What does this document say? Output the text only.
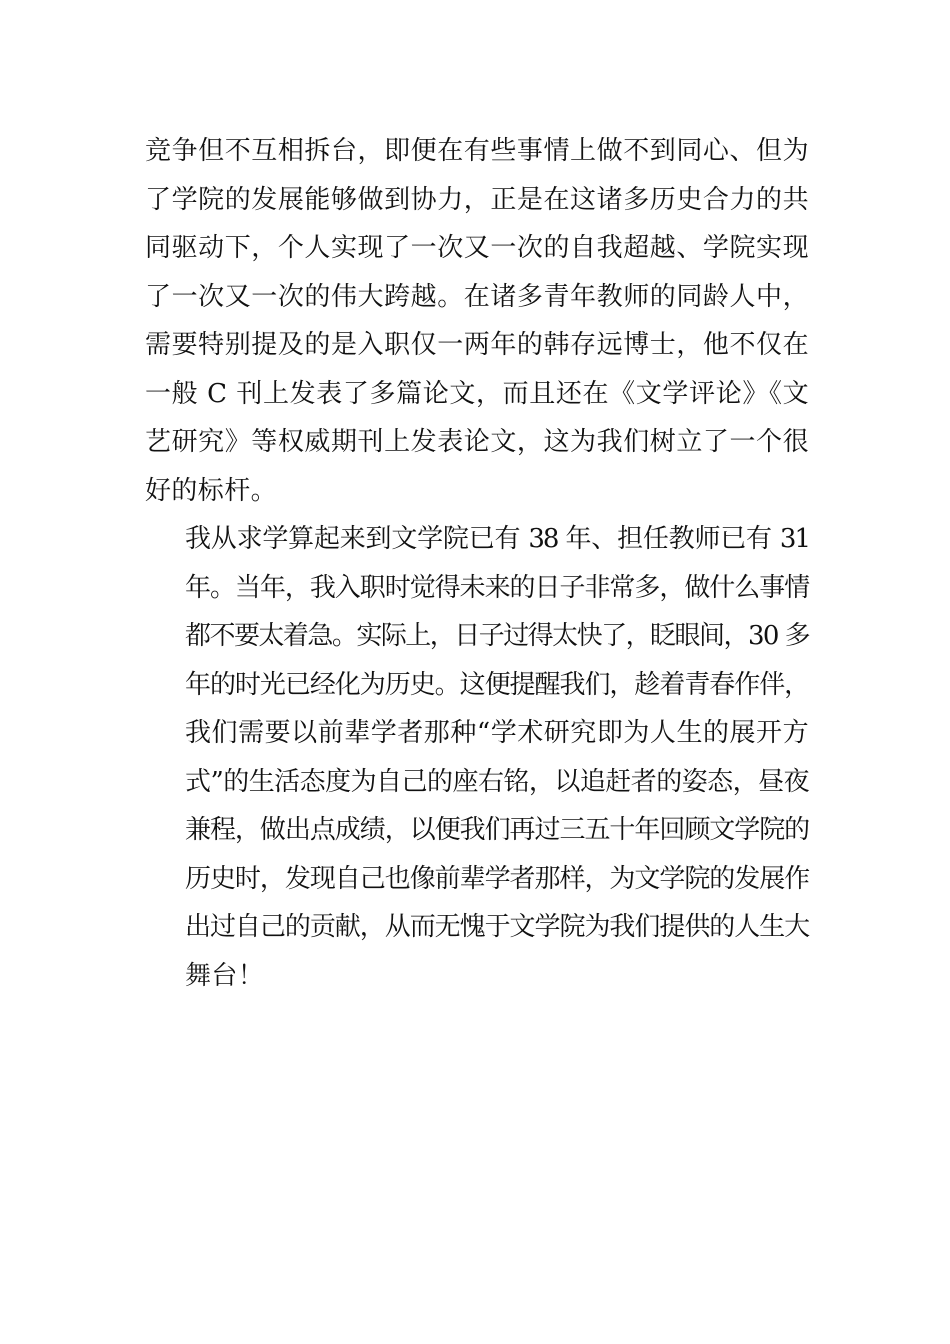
竞争但不互相拆台，即便在有些事情上做不到同心、但为
了学院的发展能够做到协力，正是在这诸多历史合力的共
同驱动下，个人实现了一次又一次的自我超越、学院实现
了一次又一次的伟大跨越。在诸多青年教师的同龄人中，
需要特别提及的是入职仅一两年的韩存远博士，他不仅在
一般 C 刊上发表了多篇论文，而且还在《文学评论》《文
艺研究》等权威期刊上发表论文，这为我们树立了一个很
好的标杆。

我从求学算起来到文学院已有 38 年、担任教师已有 31
年。当年，我入职时觉得未来的日子非常多，做什么事情
都不要太着急。实际上，日子过得太快了，眨眼间，30 多
年的时光已经化为历史。这便提醒我们，趁着青春作伴，
我们需要以前辈学者那种“学术研究即为人生的展开方
式”的生活态度为自己的座右铭，以追赶者的姿态，昼夜
兼程，做出点成绩，以便我们再过三五十年回顾文学院的
历史时，发现自己也像前辈学者那样，为文学院的发展作
出过自己的贡献，从而无愧于文学院为我们提供的人生大
舞台！
